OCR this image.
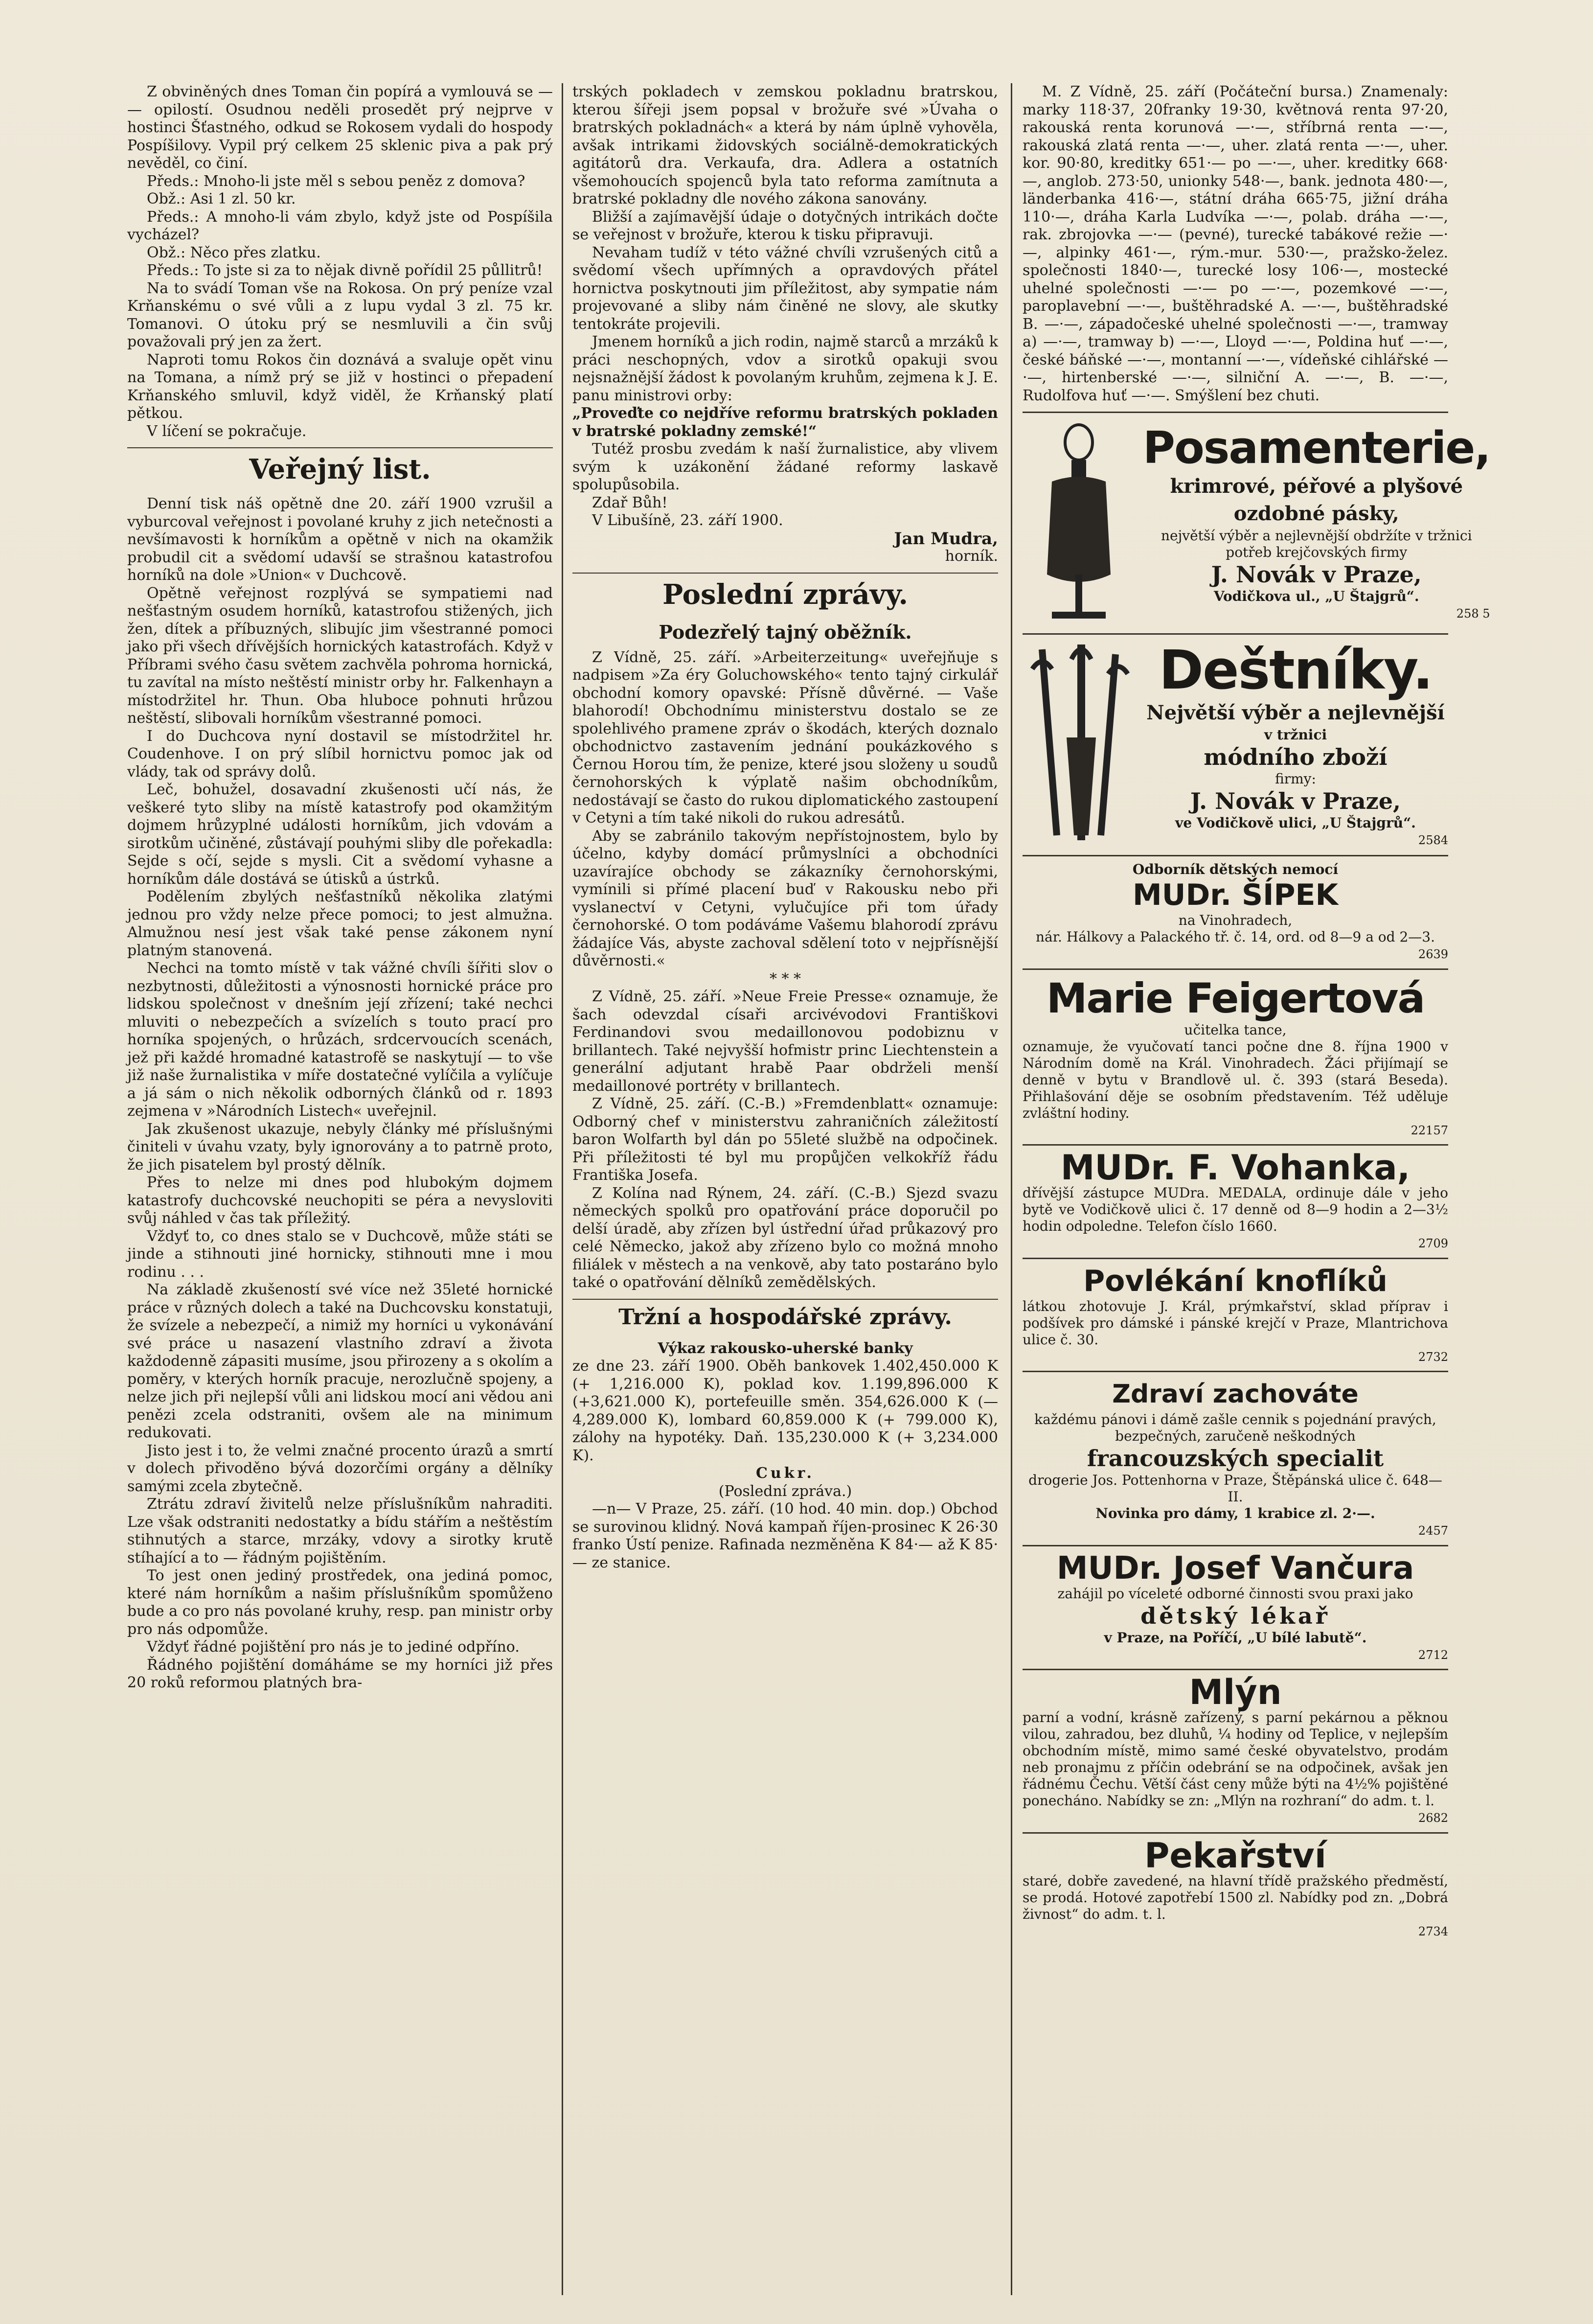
Z obviněných dnes Toman čin popírá a vymlouvá se — — opilostí. Osudnou neděli prosedět prý nejprve v hostinci Šťastného, odkud se Rokosem vydali do hospody Pospíšilovy. Vypil prý celkem 25 sklenic piva a pak prý nevěděl, co činí.

Předs.: Mnoho-li jste měl s sebou peněz z domova?

Obž.: Asi 1 zl. 50 kr.

Předs.: A mnoho-li vám zbylo, když jste od Pospíšila vycházel?

Obž.: Něco přes zlatku.

Předs.: To jste si za to nějak divně pořídil 25 půllitrů!

Na to svádí Toman vše na Rokosa. On prý peníze vzal Krňanskému o své vůli a z lupu vydal 3 zl. 75 kr. Tomanovi. O útoku prý se nesmluvili a čin svůj považovali prý jen za žert.

Naproti tomu Rokos čin doznává a svaluje opět vinu na Tomana, a nímž prý se již v hostinci o přepadení Krňanského smluvil, když viděl, že Krňanský platí pětkou.

V líčení se pokračuje.

Veřejný list.

Denní tisk náš opětně dne 20. září 1900 vzrušil a vyburcoval veřejnost i povolané kruhy z jich netečnosti a nevšímavosti k horníkům a opětně v nich na okamžik probudil cit a svědomí udavší se strašnou katastrofou horníků na dole »Union« v Duchcově.

Opětně veřejnost rozplývá se sympatiemi nad nešťastným osudem horníků, katastrofou stižených, jich žen, dítek a příbuzných, slibujíc jim všestranné pomoci jako při všech dřívějších hornických katastrofách. Když v Příbrami svého času světem zachvěla pohroma hornická, tu zavítal na místo neštěstí ministr orby hr. Falkenhayn a místodržitel hr. Thun. Oba hluboce pohnuti hrůzou neštěstí, slibovali horníkům všestranné pomoci.

I do Duchcova nyní dostavil se místodržitel hr. Coudenhove. I on prý slíbil hornictvu pomoc jak od vlády, tak od správy dolů.

Leč, bohužel, dosavadní zkušenosti učí nás, že veškeré tyto sliby na místě katastrofy pod okamžitým dojmem hrůzyplné události horníkům, jich vdovám a sirotkům učiněné, zůstávají pouhými sliby dle pořekadla: Sejde s očí, sejde s mysli. Cit a svědomí vyhasne a horníkům dále dostává se útisků a ústrků.

Podělením zbylých nešťastníků několika zlatými jednou pro vždy nelze přece pomoci; to jest almužna. Almužnou nesí jest však také pense zákonem nyní platným stanovená.

Nechci na tomto místě v tak vážné chvíli šířiti slov o nezbytnosti, důležitosti a výnosnosti hornické práce pro lidskou společnost v dnešním její zřízení; také nechci mluviti o nebezpečích a svízelích s touto prací pro horníka spojených, o hrůzách, srdcervoucích scenách, jež při každé hromadné katastrofě se naskytují — to vše již naše žurnalistika v míře dostatečné vylíčila a vylíčuje a já sám o nich několik odborných článků od r. 1893 zejmena v »Národních Listech« uveřejnil.

Jak zkušenost ukazuje, nebyly články mé příslušnými činiteli v úvahu vzaty, byly ignorovány a to patrně proto, že jich pisatelem byl prostý dělník.

Přes to nelze mi dnes pod hlubokým dojmem katastrofy duchcovské neuchopiti se péra a nevysloviti svůj náhled v čas tak příležitý.

Vždyť to, co dnes stalo se v Duchcově, může státi se jinde a stihnouti jiné hornicky, stihnouti mne i mou rodinu . . .

Na základě zkušeností své více než 35leté hornické práce v různých dolech a také na Duchcovsku konstatuji, že svízele a nebezpečí, a nimiž my horníci u vykonávání své práce u nasazení vlastního zdraví a života každodenně zápasiti musíme, jsou přirozeny a s okolím a poměry, v kterých horník pracuje, nerozlučně spojeny, a nelze jich při nejlepší vůli ani lidskou mocí ani vědou ani penězi zcela odstraniti, ovšem ale na minimum redukovati.

Jisto jest i to, že velmi značné procento úrazů a smrtí v dolech přivoděno bývá dozorčími orgány a dělníky samými zcela zbytečně.

Ztrátu zdraví živitelů nelze příslušníkům nahraditi. Lze však odstraniti nedostatky a bídu stářím a neštěstím stihnutých a starce, mrzáky, vdovy a sirotky krutě stíhající a to — řádným pojištěním.

To jest onen jediný prostředek, ona jediná pomoc, které nám horníkům a našim příslušníkům spomůženo bude a co pro nás povolané kruhy, resp. pan ministr orby pro nás odpomůže.

Vždyť řádné pojištění pro nás je to jediné odpříno.

Řádného pojištění domáháme se my horníci již přes 20 roků reformou platných bra-

trských pokladech v zemskou pokladnu bratrskou, kterou šířeji jsem popsal v brožuře své »Úvaha o bratrských pokladnách« a která by nám úplně vyhověla, avšak intrikami židovských sociálně-demokratických agitátorů dra. Verkaufa, dra. Adlera a ostatních všemohoucích spojenců byla tato reforma zamítnuta a bratrské pokladny dle nového zákona sanovány.

Bližší a zajímavější údaje o dotyčných intrikách dočte se veřejnost v brožuře, kterou k tisku připravuji.

Nevaham tudíž v této vážné chvíli vzrušených citů a svědomí všech upřímných a opravdových přátel hornictva poskytnouti jim příležitost, aby sympatie nám projevované a sliby nám činěné ne slovy, ale skutky tentokráte projevili.

Jmenem horníků a jich rodin, najmě starců a mrzáků k práci neschopných, vdov a sirotků opakuji svou nejsnažnější žádost k povolaným kruhům, zejmena k J. E. panu ministrovi orby:

„Proveďte co nejdříve reformu bratrských pokladen v bratrské pokladny zemské!“

Tutéž prosbu zvedám k naší žurnalistice, aby vlivem svým k uzákonění žádané reformy laskavě spolupůsobila.

Zdař Bůh!

V Libušíně, 23. září 1900.

Jan Mudra,
horník.
Poslední zprávy.
Podezřelý tajný oběžník.

Z Vídně, 25. září. »Arbeiterzeitung« uveřejňuje s nadpisem »Za éry Goluchowského« tento tajný cirkulář obchodní komory opavské: Přísně důvěrné. — Vaše blahorodí! Obchodnímu ministerstvu dostalo se ze spolehlivého pramene zpráv o škodách, kterých doznalo obchodnictvo zastavením jednání poukázkového s Černou Horou tím, že penize, které jsou složeny u soudů černohorských k výplatě našim obchodníkům, nedostávají se často do rukou diplomatického zastoupení v Cetyni a tím také nikoli do rukou adresátů.

Aby se zabránilo takovým nepřístojnostem, bylo by účelno, kdyby domácí průmyslníci a obchodníci uzavírajíce obchody se zákazníky černohorskými, vymínili si přímé placení buď v Rakousku nebo při vyslanectví v Cetyni, vylučujíce při tom úřady černohorské. O tom podáváme Vašemu blahorodí zprávu žádajíce Vás, abyste zachoval sdělení toto v nejpřísnější důvěrnosti.«

* * *

Z Vídně, 25. září. »Neue Freie Presse« oznamuje, že šach odevzdal císaři arcivévodovi Františkovi Ferdinandovi svou medaillonovou podobiznu v brillantech. Také nejvyšší hofmistr princ Liechtenstein a generální adjutant hrabě Paar obdrželi menší medaillonové portréty v brillantech.

Z Vídně, 25. září. (C.-B.) »Fremdenblatt« oznamuje: Odborný chef v ministerstvu zahraničních záležitostí baron Wolfarth byl dán po 55leté službě na odpočinek. Při příležitosti té byl mu propůjčen velkokříž řádu Františka Josefa.

Z Kolína nad Rýnem, 24. září. (C.-B.) Sjezd svazu německých spolků pro opatřování práce doporučil po delší úradě, aby zřízen byl ústřední úřad průkazový pro celé Německo, jakož aby zřízeno bylo co možná mnoho filiálek v městech a na venkově, aby tato postaráno bylo také o opatřování dělníků zemědělských.

Tržní a hospodářské zprávy.

Výkaz rakousko-uherské banky

ze dne 23. září 1900. Oběh bankovek 1.402,450.000 K (+ 1,216.000 K), poklad kov. 1.199,896.000 K (+3,621.000 K), portefeuille směn. 354,626.000 K (— 4,289.000 K), lombard 60,859.000 K (+ 799.000 K), zálohy na hypotéky. Daň. 135,230.000 K (+ 3,234.000 K).

Cukr.

(Poslední zpráva.)

—n— V Praze, 25. září. (10 hod. 40 min. dop.) Obchod se surovinou klidný. Nová kampaň říjen-prosinec K 26·30 franko Ústí penize. Rafinada nezměněna K 84·— až K 85·— ze stanice.

M. Z Vídně, 25. září (Počáteční bursa.) Znamenaly: marky 118·37, 20franky 19·30, květnová renta 97·20, rakouská renta korunová —·—, stříbrná renta —·—, rakouská zlatá renta —·—, uher. zlatá renta —·—, uher. kor. 90·80, kreditky 651·— po —·—, uher. kreditky 668·—, anglob. 273·50, unionky 548·—, bank. jednota 480·—, länderbanka 416·—, státní dráha 665·75, jižní dráha 110·—, dráha Karla Ludvíka —·—, polab. dráha —·—, rak. zbrojovka —·— (pevné), turecké tabákové režie —·—, alpinky 461·—, rým.-mur. 530·—, pražsko-želez. společnosti 1840·—, turecké losy 106·—, mostecké uhelné společnosti —·— po —·—, pozemkové —·—, paroplavební —·—, buštěhradské A. —·—, buštěhradské B. —·—, západočeské uhelné společnosti —·—, tramway a) —·—, tramway b) —·—, Lloyd —·—, Poldina huť —·—, české báňské —·—, montanní —·—, vídeňské cihlářské —·—, hirtenberské —·—, silniční A. —·—, B. —·—, Rudolfova huť —·—. Smýšlení bez chuti.

Posamenterie,
krimrové, péřové a plyšové ozdobné pásky,
největší výběr a nejlevnější obdržíte v tržnici potřeb krejčovských firmy
J. Novák v Praze,
Vodičkova ul., „U Štajgrů“.
258 5
Deštníky.
Největší výběr a nejlevnější
v tržnici
módního zboží
firmy:
J. Novák v Praze,
ve Vodičkově ulici, „U Štajgrů“.
2584
Odborník dětských nemocí
MUDr. ŠÍPEK
na Vinohradech,
nár. Hálkovy a Palackého tř. č. 14, ord. od 8—9 a od 2—3.
2639
Marie Feigertová
učitelka tance,
oznamuje, že vyučovatí tanci počne dne 8. října 1900 v Národním domě na Král. Vinohradech. Žáci přijímají se denně v bytu v Brandlově ul. č. 393 (stará Beseda). Přihlašování děje se osobním představením. Též uděluje zvláštní hodiny.
22157
MUDr. F. Vohanka,
dřívější zástupce MUDra. MEDALA, ordinuje dále v jeho bytě ve Vodičkově ulici č. 17 denně od 8—9 hodin a 2—3½ hodin odpoledne. Telefon číslo 1660.
2709
Povlékání knoflíků
látkou zhotovuje J. Král, prýmkařství, sklad příprav i podšívek pro dámské i pánské krejčí v Praze, Mlantrichova ulice č. 30.
2732
Zdraví zachováte
každému pánovi i dámě zašle cennik s pojednání pravých, bezpečných, zaručeně neškodných
francouzských specialit
drogerie Jos. Pottenhorna v Praze, Štěpánská ulice č. 648—II.
Novinka pro dámy, 1 krabice zl. 2·—.
2457
MUDr. Josef Vančura
zahájil po víceleté odborné činnosti svou praxi jako
dětský lékař
v Praze, na Poříčí, „U bílé labutě“.
2712
Mlýn
parní a vodní, krásně zařízený, s parní pekárnou a pěknou vilou, zahradou, bez dluhů, ¼ hodiny od Teplice, v nejlepším obchodním místě, mimo samé české obyvatelstvo, prodám neb pronajmu z příčin odebrání se na odpočinek, avšak jen řádnému Čechu. Větší část ceny může býti na 4½% pojištěné ponecháno. Nabídky se zn: „Mlýn na rozhraní“ do adm. t. l.
2682
Pekařství
staré, dobře zavedené, na hlavní třídě pražského předměstí, se prodá. Hotové zapotřebí 1500 zl. Nabídky pod zn. „Dobrá živnost“ do adm. t. l.
2734
